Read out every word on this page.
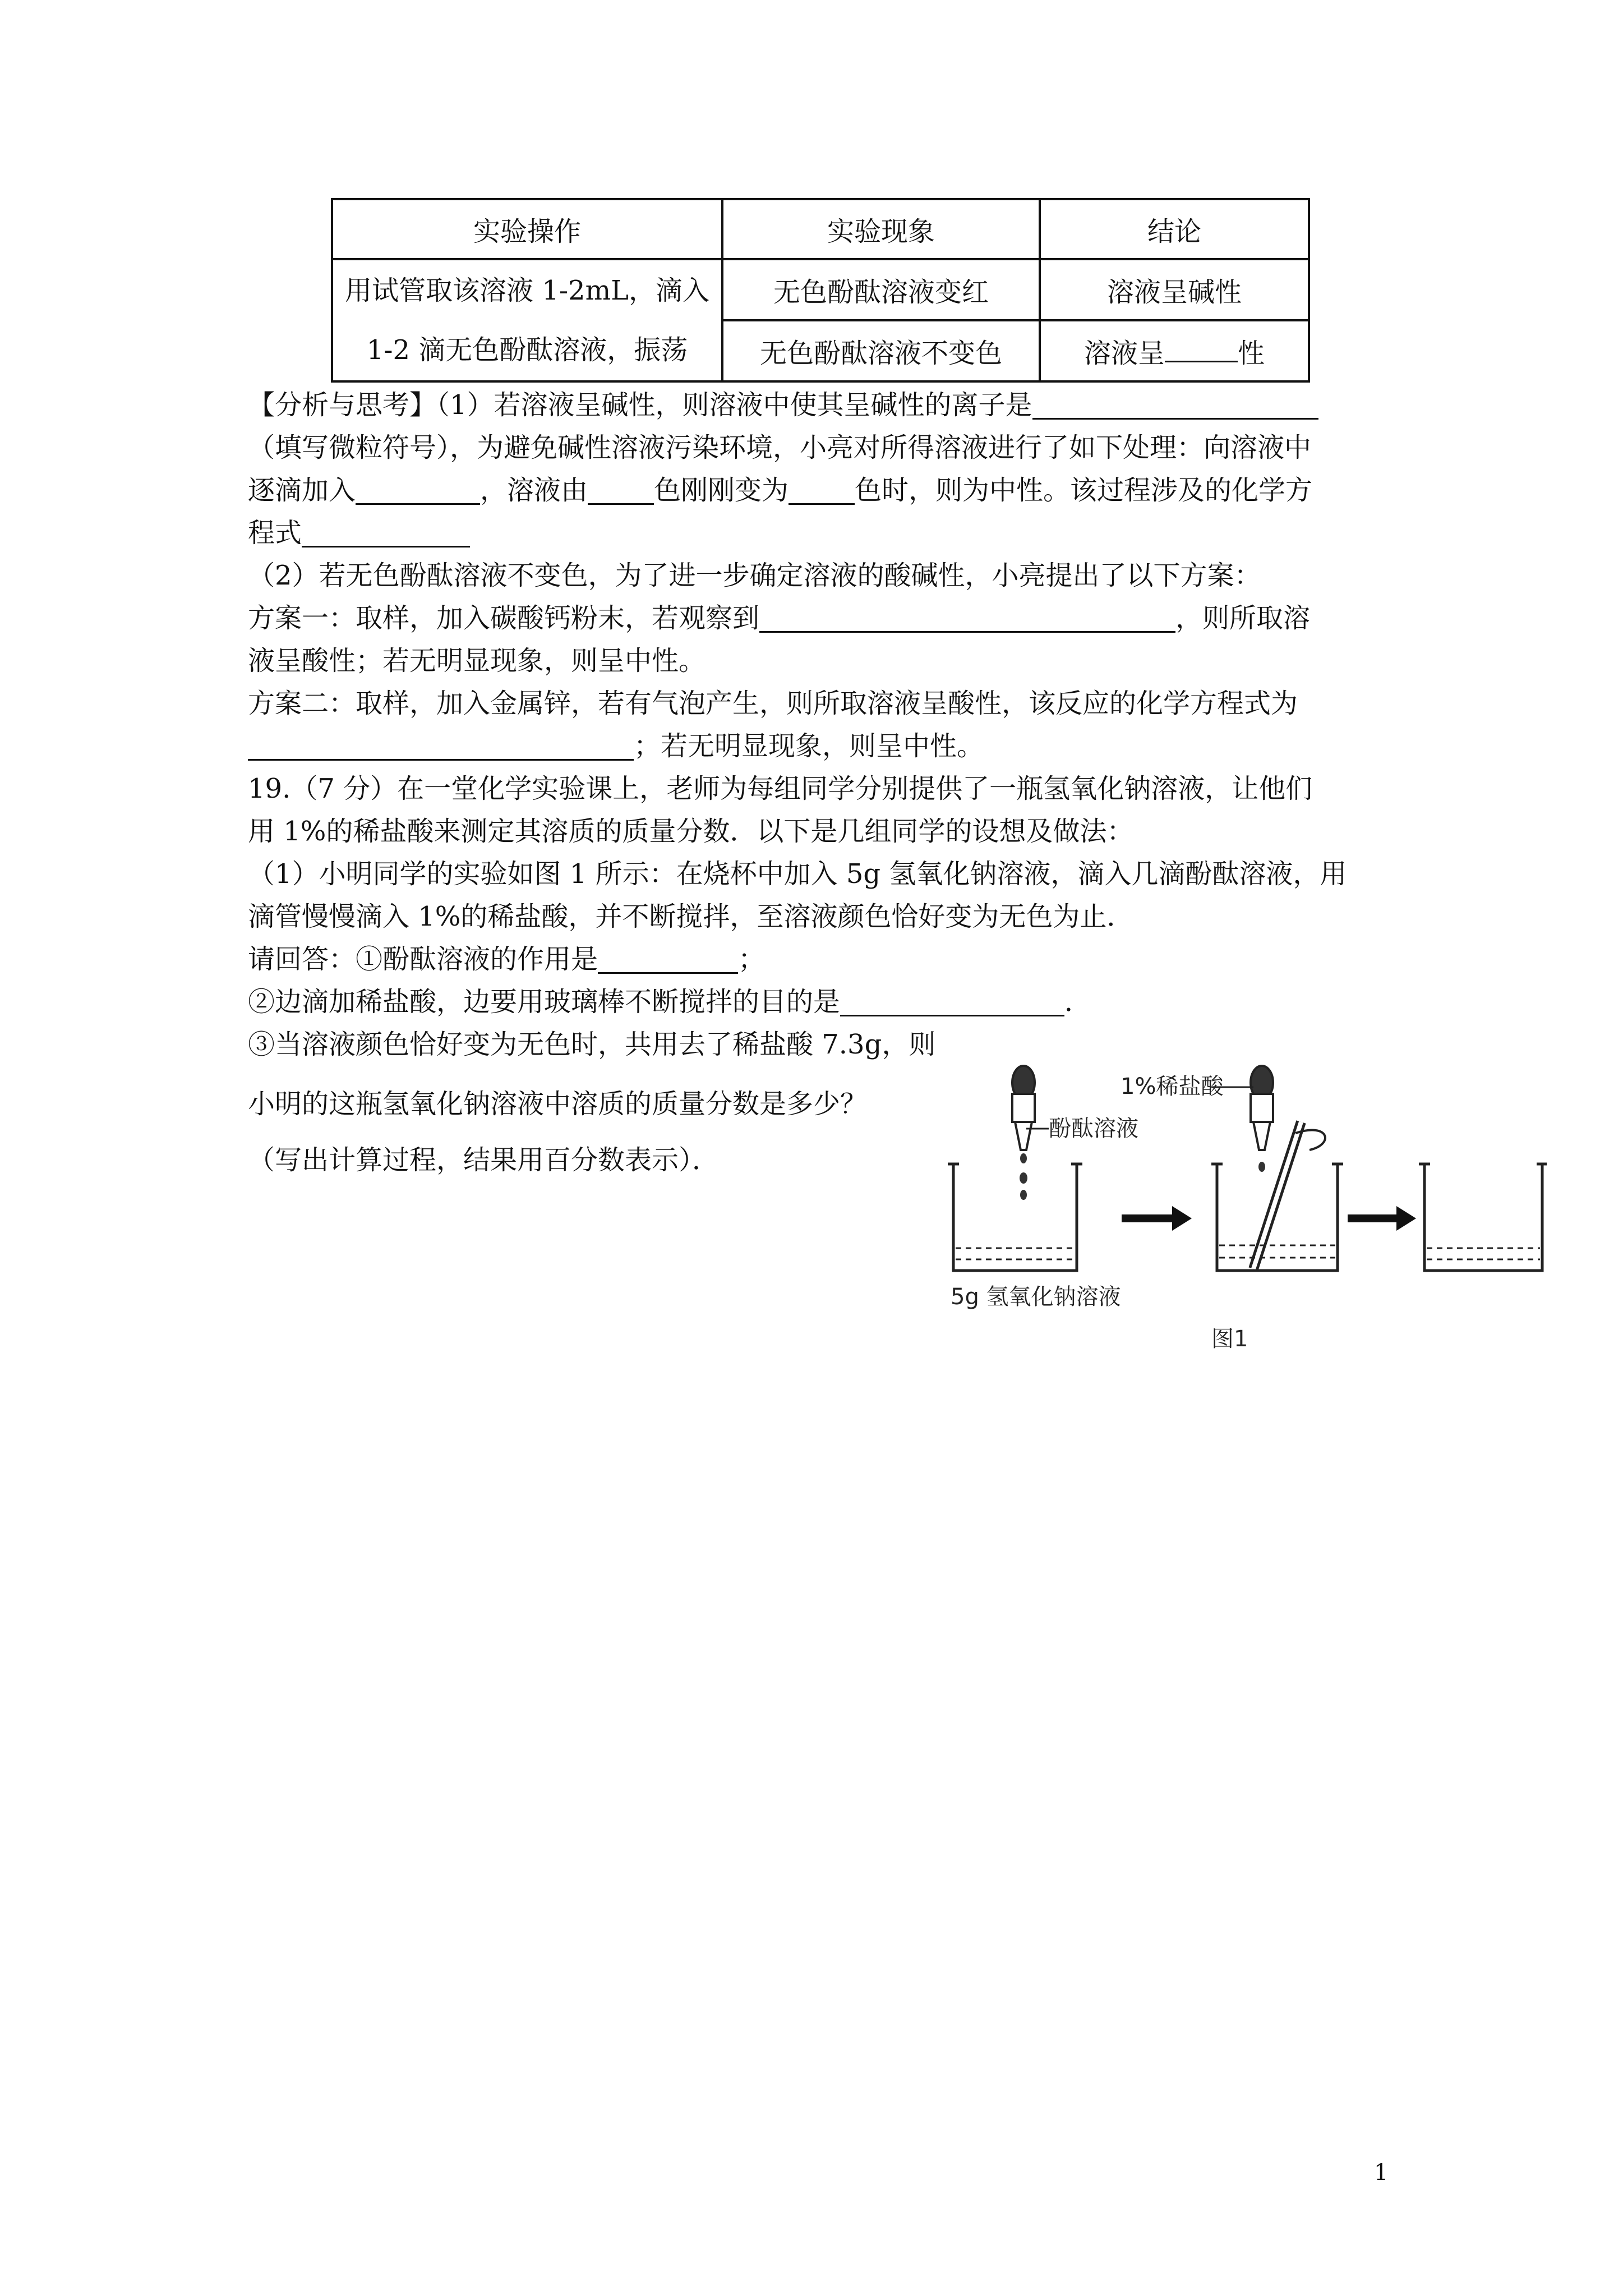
实验操作	实验现象	结论

用试管取该溶液 1-2mL，滴入
1-2 滴无色酚酞溶液，振荡	无色酚酞溶液变红	溶液呈碱性
	无色酚酞溶液不变色	溶液呈 性
【分析与思考】（1）若溶液呈碱性，则溶液中使其呈碱性的离子是
（填写微粒符号），为避免碱性溶液污染环境，小亮对所得溶液进行了如下处理：向溶液中
逐滴加入	，溶液由 色刚刚变为 色时，则为中性。该过程涉及的化学方
程式
（2）若无色酚酞溶液不变色，为了进一步确定溶液的酸碱性，小亮提出了以下方案：
方案一：取样，加入碳酸钙粉末，若观察到	，则所取溶
液呈酸性；若无明显现象，则呈中性。
方案二：取样，加入金属锌，若有气泡产生，则所取溶液呈酸性，该反应的化学方程式为
；若无明显现象，则呈中性。
19.（7 分）在一堂化学实验课上，老师为每组同学分别提供了一瓶氢氧化钠溶液，让他们
用 1%的稀盐酸来测定其溶质的质量分数．以下是几组同学的设想及做法：
（1）小明同学的实验如图 1 所示：在烧杯中加入 5g 氢氧化钠溶液，滴入几滴酚酞溶液，用
滴管慢慢滴入 1%的稀盐酸，并不断搅拌，至溶液颜色恰好变为无色为止．
请回答：①酚酞溶液的作用是	；
②边滴加稀盐酸，边要用玻璃棒不断搅拌的目的是	．
③当溶液颜色恰好变为无色时，共用去了稀盐酸 7.3g，则
小明的这瓶氢氧化钠溶液中溶质的质量分数是多少？
（写出计算过程，结果用百分数表示）．
酚酞溶液
5g 氢氧化钠溶液
1%稀盐酸
图1
1
